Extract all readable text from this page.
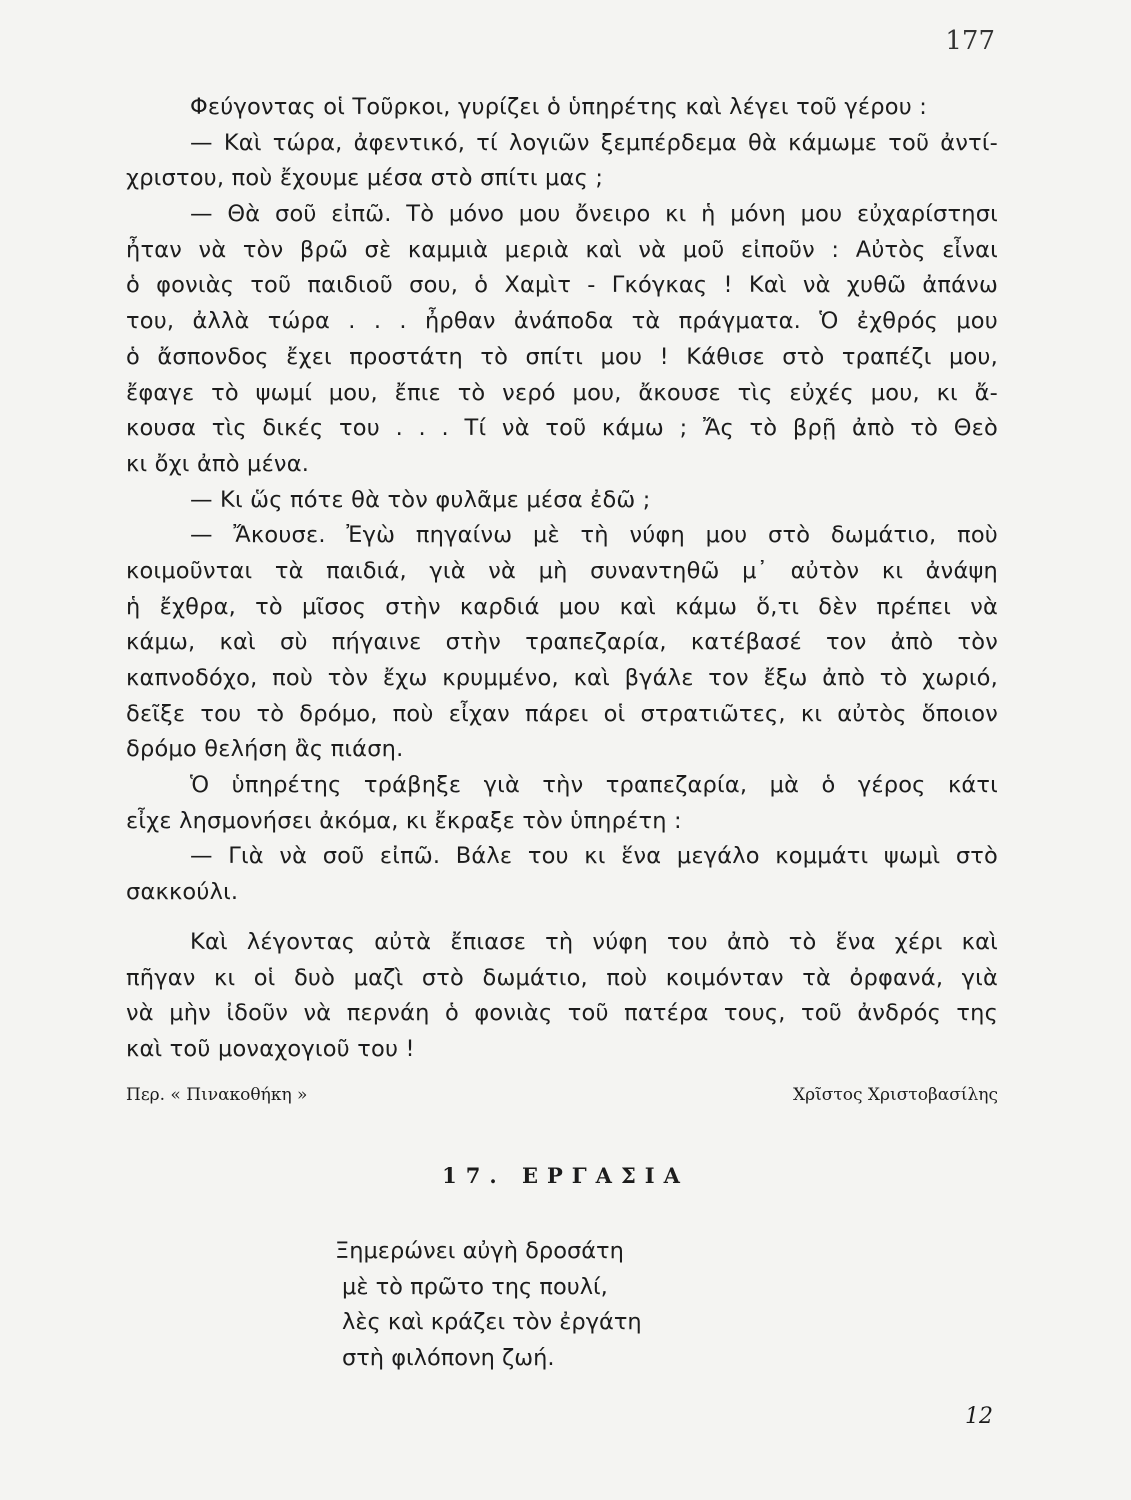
177
Φεύγοντας οἱ Τοῦρκοι, γυρίζει ὁ ὑπηρέτης καὶ λέγει τοῦ γέρου :
— Καὶ τώρα, ἀφεντικό, τί λογιῶν ξεμπέρδεμα θὰ κάμωμε τοῦ ἀντί-
χριστου, ποὺ ἔχουμε μέσα στὸ σπίτι μας ;
— Θὰ σοῦ εἰπῶ. Τὸ μόνο μου ὄνειρο κι ἡ μόνη μου εὐχαρίστησι
ἦταν νὰ τὸν βρῶ σὲ καμμιὰ μεριὰ καὶ νὰ μοῦ εἰποῦν : Αὐτὸς εἶναι
ὁ φονιὰς τοῦ παιδιοῦ σου, ὁ Χαμὶτ - Γκόγκας ! Καὶ νὰ χυθῶ ἀπάνω
του, ἀλλὰ τώρα . . . ἦρθαν ἀνάποδα τὰ πράγματα. Ὁ ἐχθρός μου
ὁ ἄσπονδος ἔχει προστάτη τὸ σπίτι μου ! Κάθισε στὸ τραπέζι μου,
ἔφαγε τὸ ψωμί μου, ἔπιε τὸ νερό μου, ἄκουσε τὶς εὐχές μου, κι ἄ-
κουσα τὶς δικές του . . . Τί νὰ τοῦ κάμω ; Ἄς τὸ βρῇ ἀπὸ τὸ Θεὸ
κι ὄχι ἀπὸ μένα.
— Κι ὥς πότε θὰ τὸν φυλᾶμε μέσα ἐδῶ ;
— Ἄκουσε. Ἐγὼ πηγαίνω μὲ τὴ νύφη μου στὸ δωμάτιο, ποὺ
κοιμοῦνται τὰ παιδιά, γιὰ νὰ μὴ συναντηθῶ μ᾽ αὐτὸν κι ἀνάψη
ἡ ἔχθρα, τὸ μῖσος στὴν καρδιά μου καὶ κάμω ὅ,τι δὲν πρέπει νὰ
κάμω, καὶ σὺ πήγαινε στὴν τραπεζαρία, κατέβασέ τον ἀπὸ τὸν
καπνοδόχο, ποὺ τὸν ἔχω κρυμμένο, καὶ βγάλε τον ἔξω ἀπὸ τὸ χωριό,
δεῖξε του τὸ δρόμο, ποὺ εἶχαν πάρει οἱ στρατιῶτες, κι αὐτὸς ὅποιον
δρόμο θελήση ἂς πιάση.
Ὁ ὑπηρέτης τράβηξε γιὰ τὴν τραπεζαρία, μὰ ὁ γέρος κάτι
εἶχε λησμονήσει ἀκόμα, κι ἔκραξε τὸν ὑπηρέτη :
— Γιὰ νὰ σοῦ εἰπῶ. Βάλε του κι ἕνα μεγάλο κομμάτι ψωμὶ στὸ
σακκούλι.
Καὶ λέγοντας αὐτὰ ἔπιασε τὴ νύφη του ἀπὸ τὸ ἕνα χέρι καὶ
πῆγαν κι οἱ δυὸ μαζὶ στὸ δωμάτιο, ποὺ κοιμόνταν τὰ ὀρφανά, γιὰ
νὰ μὴν ἰδοῦν νὰ περνάη ὁ φονιὰς τοῦ πατέρα τους, τοῦ ἀνδρός της
καὶ τοῦ μοναχογιοῦ του !
Περ. « Πινακοθήκη »	Χρῖστος Χριστοβασίλης
17. ΕΡΓΑΣΙΑ
Ξημερώνει αὐγὴ δροσάτη
μὲ τὸ πρῶτο της πουλί,
λὲς καὶ κράζει τὸν ἐργάτη
στὴ φιλόπονη ζωή.
12
